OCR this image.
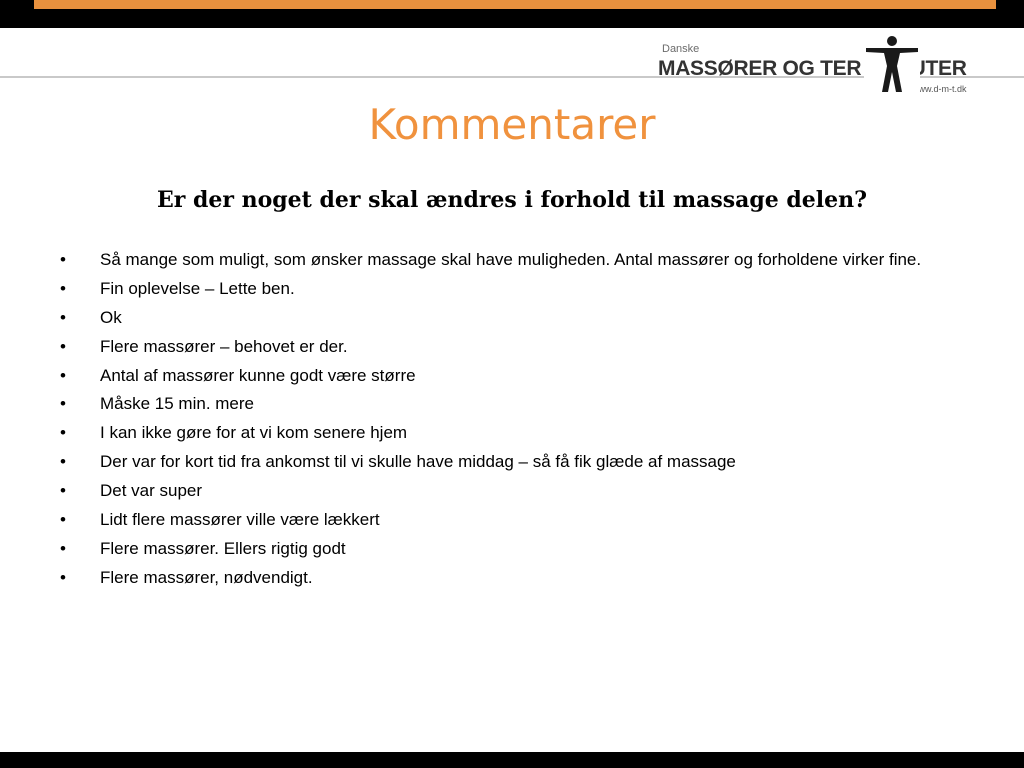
Danske
MASSØRER OG TER PEUTER
www.d-m-t.dk
Kommentarer
Er der noget der skal ændres i forhold til massage delen?
•	Så mange som muligt, som ønsker massage skal have muligheden. Antal massører og forholdene virker fine.
•	Fin oplevelse – Lette ben.
•	Ok
•	Flere massører – behovet er der.
•	Antal af massører kunne godt være større
•	Måske 15 min. mere
•	I kan ikke gøre for at vi kom senere hjem
•	Der var for kort tid fra ankomst til vi skulle have middag – så få fik glæde af massage
•	Det var super
•	Lidt flere massører ville være lækkert
•	Flere massører. Ellers rigtig godt
•	Flere massører, nødvendigt.
